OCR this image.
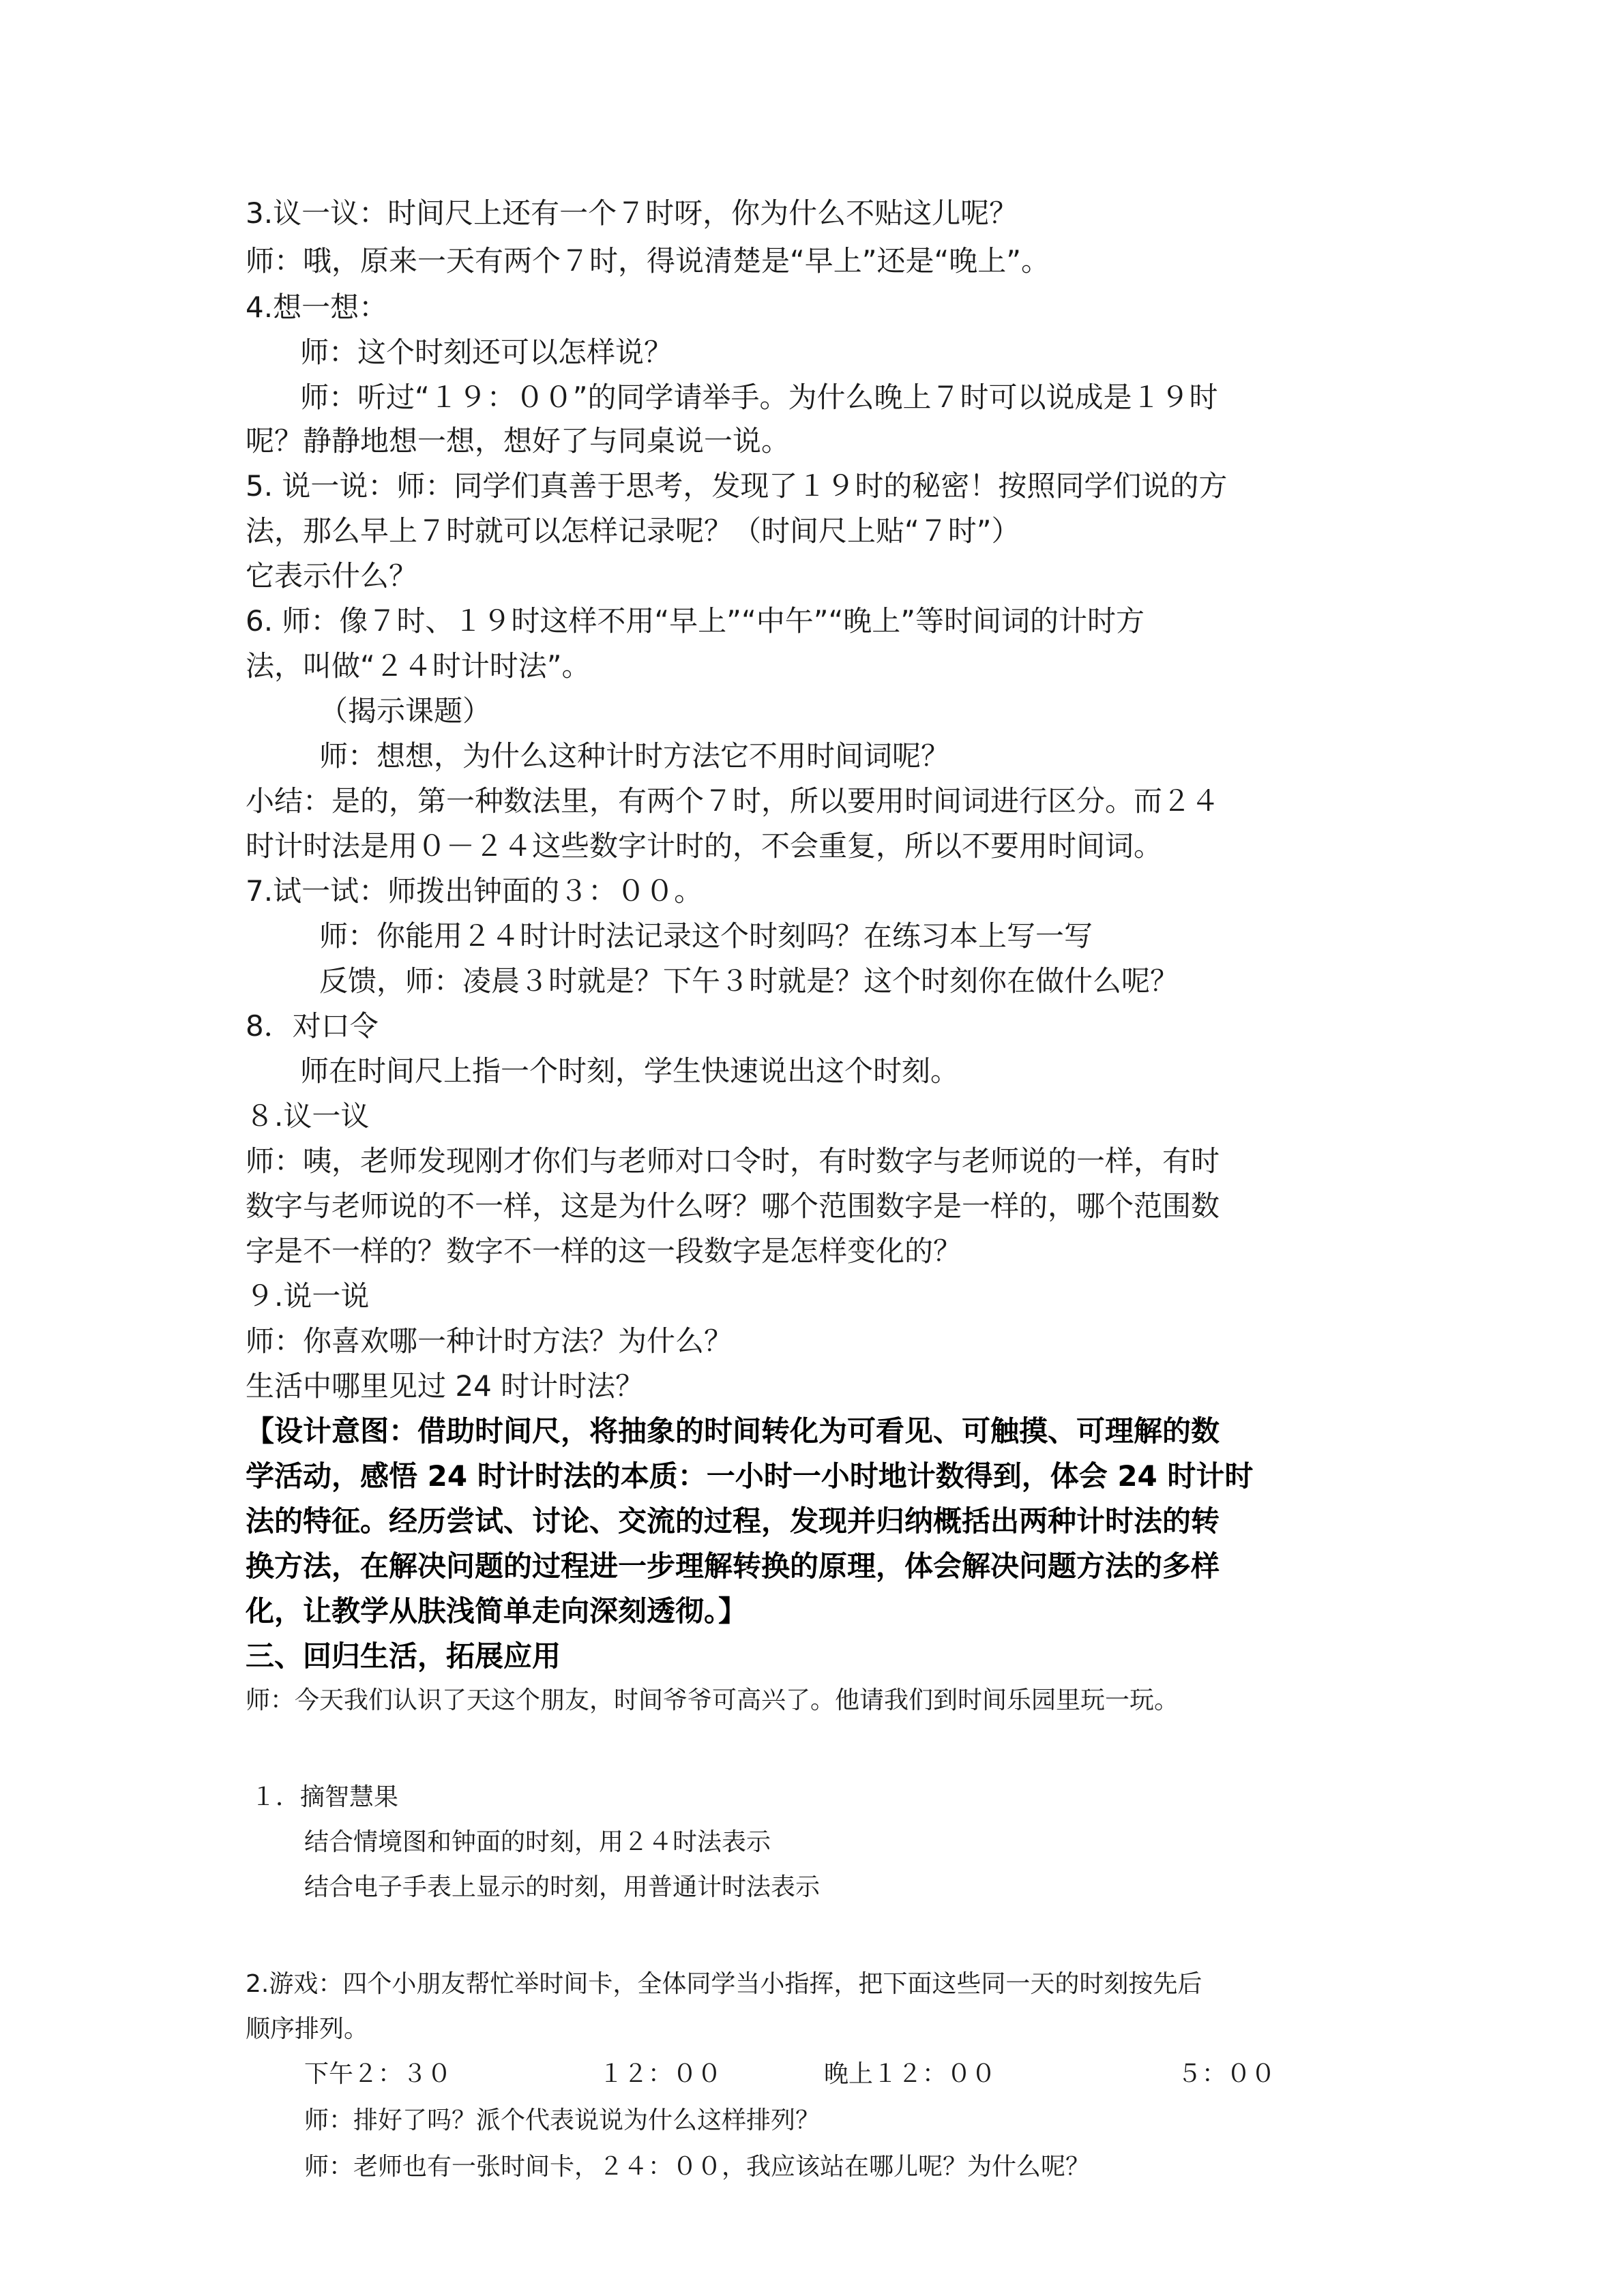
3.议一议：时间尺上还有一个７时呀，你为什么不贴这儿呢？

师：哦，原来一天有两个７时，得说清楚是“早上”还是“晚上”。

4.想一想：

师：这个时刻还可以怎样说？

师：听过“１９：００”的同学请举手。为什么晚上７时可以说成是１９时

呢？静静地想一想，想好了与同桌说一说。

5. 说一说：师：同学们真善于思考，发现了１９时的秘密！按照同学们说的方

法，那么早上７时就可以怎样记录呢？（时间尺上贴“７时”）

它表示什么？

6. 师：像７时、１９时这样不用“早上”“中午”“晚上”等时间词的计时方

法，叫做“２４时计时法”。

（揭示课题）

师：想想，为什么这种计时方法它不用时间词呢？

小结：是的，第一种数法里，有两个７时，所以要用时间词进行区分。而２４

时计时法是用０－２４这些数字计时的，不会重复，所以不要用时间词。

7.试一试：师拨出钟面的３：００。

师：你能用２４时计时法记录这个时刻吗？在练习本上写一写

反馈，师：凌晨３时就是？下午３时就是？这个时刻你在做什么呢？

8．对口令

师在时间尺上指一个时刻，学生快速说出这个时刻。

８.议一议

师：咦，老师发现刚才你们与老师对口令时，有时数字与老师说的一样，有时

数字与老师说的不一样，这是为什么呀？哪个范围数字是一样的，哪个范围数

字是不一样的？数字不一样的这一段数字是怎样变化的？

９.说一说

师：你喜欢哪一种计时方法？为什么？

生活中哪里见过 24 时计时法？

【设计意图：借助时间尺，将抽象的时间转化为可看见、可触摸、可理解的数

学活动，感悟 24 时计时法的本质：一小时一小时地计数得到，体会 24 时计时

法的特征。经历尝试、讨论、交流的过程，发现并归纳概括出两种计时法的转

换方法，在解决问题的过程进一步理解转换的原理，体会解决问题方法的多样

化，让教学从肤浅简单走向深刻透彻。】

三、回归生活，拓展应用

师：今天我们认识了天这个朋友，时间爷爷可高兴了。他请我们到时间乐园里玩一玩。

１．摘智慧果

结合情境图和钟面的时刻，用２４时法表示

结合电子手表上显示的时刻，用普通计时法表示

2.游戏：四个小朋友帮忙举时间卡，全体同学当小指挥，把下面这些同一天的时刻按先后

顺序排列。

下午２：３０	１２：００	晚上１２：００	５：００

师：排好了吗？派个代表说说为什么这样排列？

师：老师也有一张时间卡，２４：００，我应该站在哪儿呢？为什么呢？
